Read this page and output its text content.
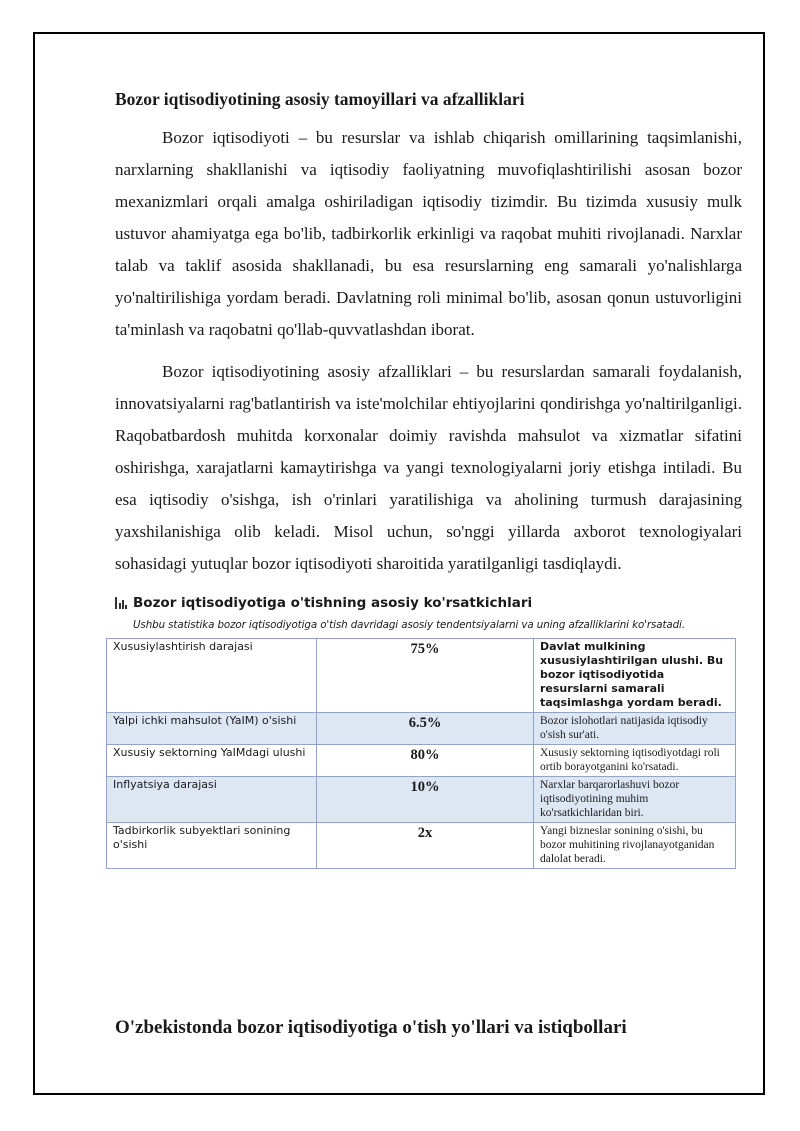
Bozor iqtisodiyotining asosiy tamoyillari va afzalliklari

Bozor iqtisodiyoti – bu resurslar va ishlab chiqarish omillarining taqsimlanishi, narxlarning shakllanishi va iqtisodiy faoliyatning muvofiqlashtirilishi asosan bozor mexanizmlari orqali amalga oshiriladigan iqtisodiy tizimdir. Bu tizimda xususiy mulk ustuvor ahamiyatga ega bo'lib, tadbirkorlik erkinligi va raqobat muhiti rivojlanadi. Narxlar talab va taklif asosida shakllanadi, bu esa resurslarning eng samarali yo'nalishlarga yo'naltirilishiga yordam beradi. Davlatning roli minimal bo'lib, asosan qonun ustuvorligini ta'minlash va raqobatni qo'llab-quvvatlashdan iborat.

Bozor iqtisodiyotining asosiy afzalliklari – bu resurslardan samarali foydalanish, innovatsiyalarni rag'batlantirish va iste'molchilar ehtiyojlarini qondirishga yo'naltirilganligi. Raqobatbardosh muhitda korxonalar doimiy ravishda mahsulot va xizmatlar sifatini oshirishga, xarajatlarni kamaytirishga va yangi texnologiyalarni joriy etishga intiladi. Bu esa iqtisodiy o'sishga, ish o'rinlari yaratilishiga va aholining turmush darajasining yaxshilanishiga olib keladi. Misol uchun, so'nggi yillarda axborot texnologiyalari sohasidagi yutuqlar bozor iqtisodiyoti sharoitida yaratilganligi tasdiqlaydi.

Bozor iqtisodiyotiga o'tishning asosiy ko'rsatkichlari
Ushbu statistika bozor iqtisodiyotiga o'tish davridagi asosiy tendentsiyalarni va uning afzalliklarini ko'rsatadi.
Xususiylashtirish darajasi	75%	Davlat mulkining xususiylashtirilgan ulushi. Bu bozor iqtisodiyotida resurslarni samarali taqsimlashga yordam beradi.
Yalpi ichki mahsulot (YaIM) o'sishi	6.5%	Bozor islohotlari natijasida iqtisodiy o'sish sur'ati.
Xususiy sektorning YaIMdagi ulushi	80%	Xususiy sektorning iqtisodiyotdagi roli ortib borayotganini ko'rsatadi.
Inflyatsiya darajasi	10%	Narxlar barqarorlashuvi bozor iqtisodiyotining muhim ko'rsatkichlaridan biri.
Tadbirkorlik subyektlari sonining o'sishi	2x	Yangi bizneslar sonining o'sishi, bu bozor muhitining rivojlanayotganidan dalolat beradi.
O'zbekistonda bozor iqtisodiyotiga o'tish yo'llari va istiqbollari
